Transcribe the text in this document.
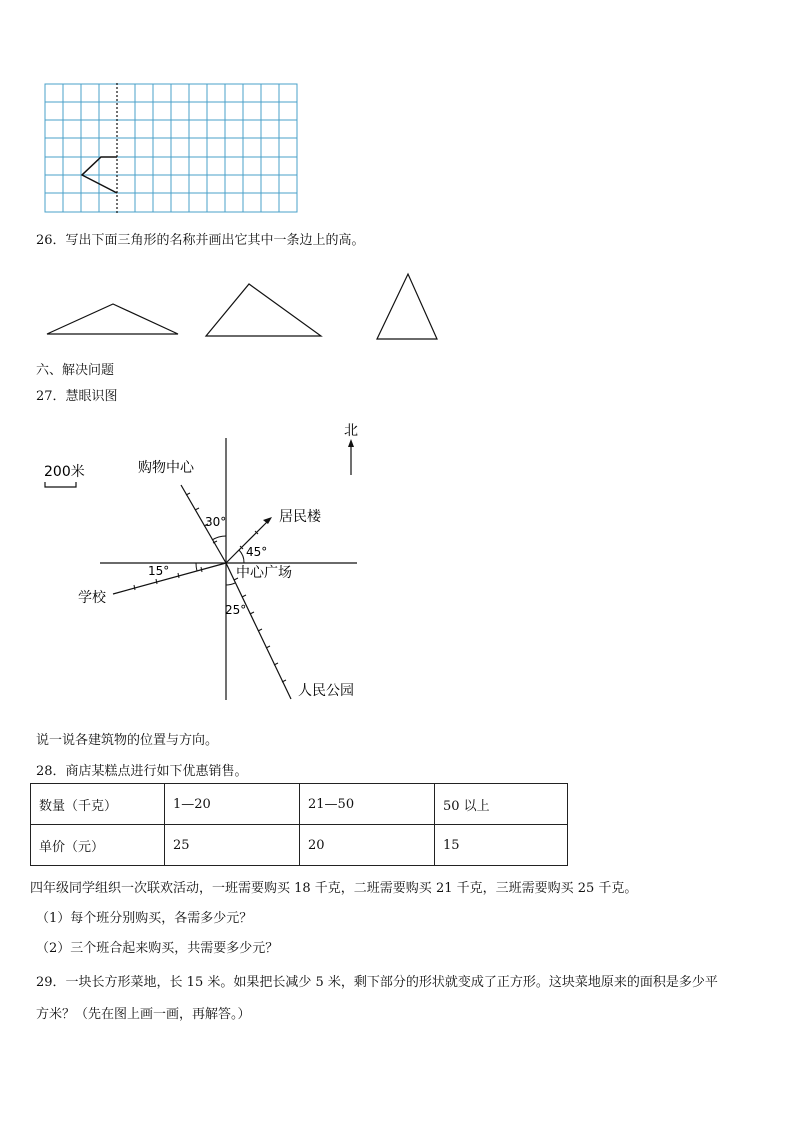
26．写出下面三角形的名称并画出它其中一条边上的高。
六、解决问题
27．慧眼识图
北
200米	购物中心
居民楼
中心广场
学校
人民公园
30°
45°
15°
25°
说一说各建筑物的位置与方向。
28．商店某糕点进行如下优惠销售。
数量（千克）	1—20	21—50	50 以上
单价（元）	25	20	15
四年级同学组织一次联欢活动，一班需要购买 18 千克，二班需要购买 21 千克，三班需要购买 25 千克。
（1）每个班分别购买，各需多少元？
（2）三个班合起来购买，共需要多少元？
29．一块长方形菜地，长 15 米。如果把长减少 5 米，剩下部分的形状就变成了正方形。这块菜地原来的面积是多少平
方米？（先在图上画一画，再解答。）
